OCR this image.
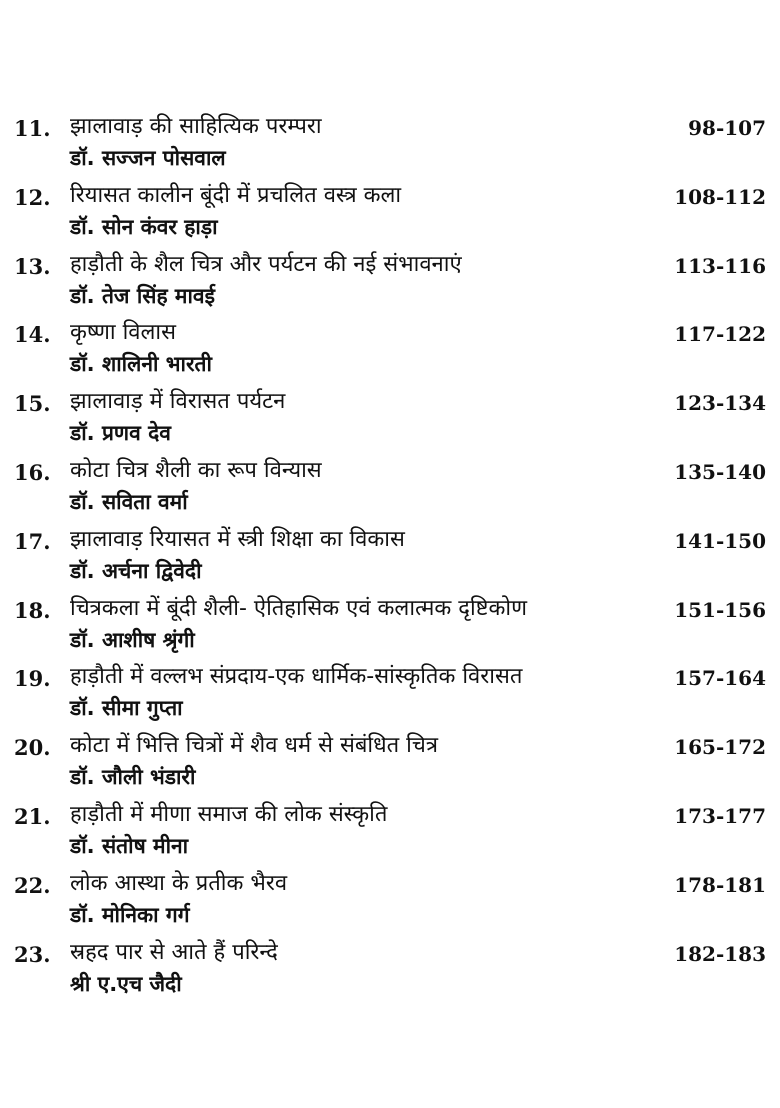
11. झालावाड़ की साहित्यिक परम्परा	98-107
डॉ. सज्जन पोसवाल
12. रियासत कालीन बूंदी में प्रचलित वस्त्र कला	108-112
डॉ. सोन कंवर हाड़ा
13. हाड़ौती के शैल चित्र और पर्यटन की नई संभावनाएं	113-116
डॉ. तेज सिंह मावई
14. कृष्णा विलास	117-122
डॉ. शालिनी भारती
15. झालावाड़ में विरासत पर्यटन	123-134
डॉ. प्रणव देव
16. कोटा चित्र शैली का रूप विन्यास	135-140
डॉ. सविता वर्मा
17. झालावाड़ रियासत में स्त्री शिक्षा का विकास	141-150
डॉ. अर्चना द्विवेदी
18. चित्रकला में बूंदी शैली- ऐतिहासिक एवं कलात्मक दृष्टिकोण	151-156
डॉ. आशीष श्रृंगी
19. हाड़ौती में वल्लभ संप्रदाय-एक धार्मिक-सांस्कृतिक विरासत	157-164
डॉ. सीमा गुप्ता
20. कोटा में भित्ति चित्रों में शैव धर्म से संबंधित चित्र	165-172
डॉ. जौली भंडारी
21. हाड़ौती में मीणा समाज की लोक संस्कृति	173-177
डॉ. संतोष मीना
22. लोक आस्था के प्रतीक भैरव	178-181
डॉ. मोनिका गर्ग
23. स्रहद पार से आते हैं परिन्दे	182-183
श्री ए.एच जैदी
